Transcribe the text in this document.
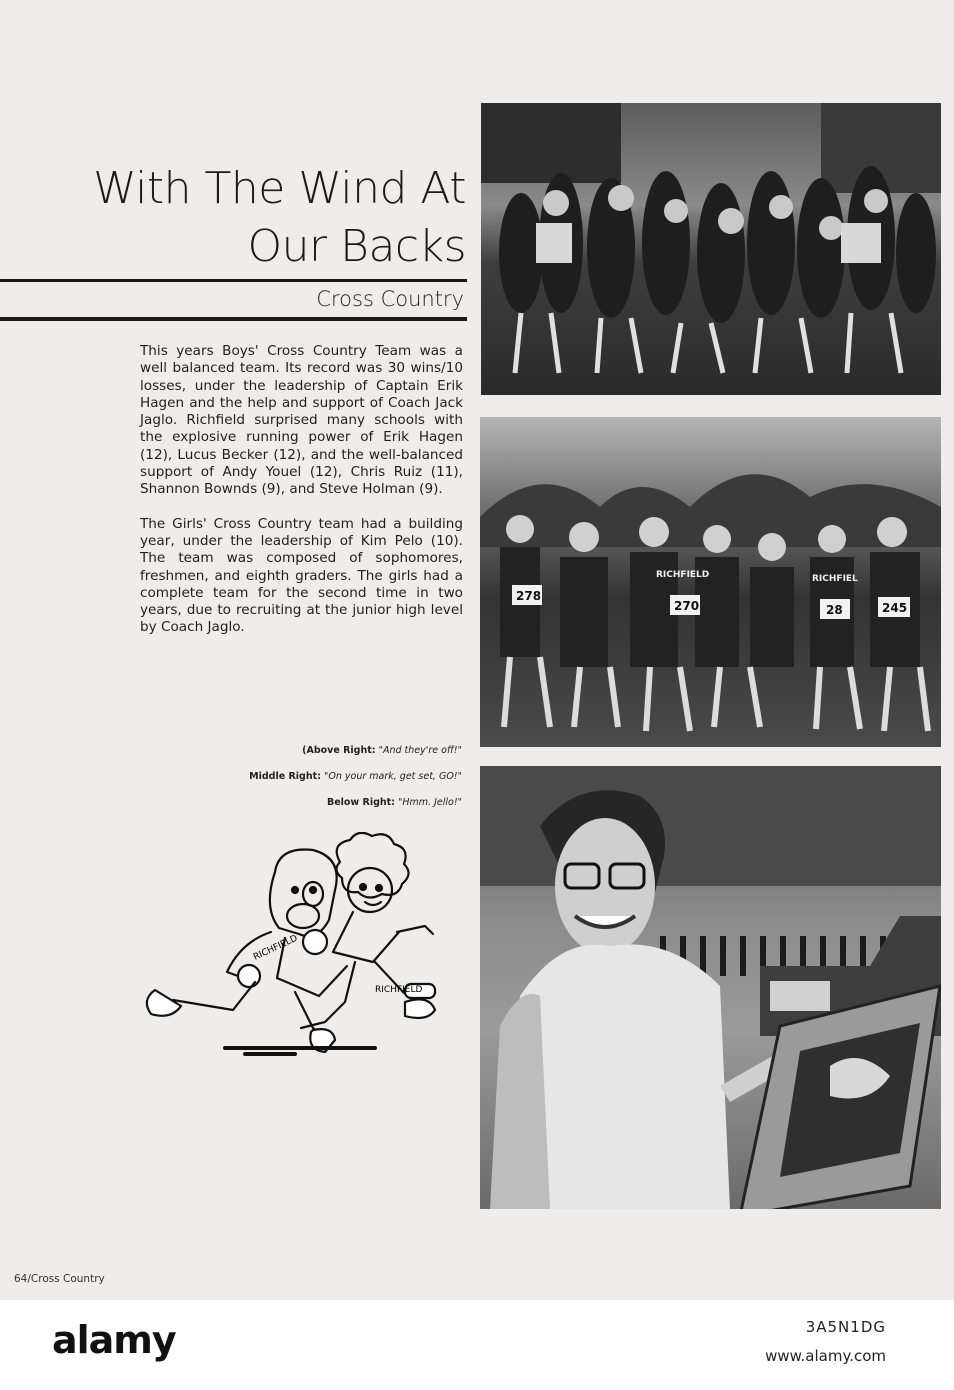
With The Wind At
Our Backs
Cross Country

This years Boys' Cross Country Team was a well balanced team. Its record was 30 wins/10 losses, under the leadership of Captain Erik Hagen and the help and support of Coach Jack Jaglo. Richfield surprised many schools with the explosive running power of Erik Hagen (12), Lucus Becker (12), and the well-balanced support of Andy Youel (12), Chris Ruiz (11), Shannon Bownds (9), and Steve Holman (9).

The Girls' Cross Country team had a building year, under the leadership of Kim Pelo (10). The team was composed of sophomores, freshmen, and eighth graders. The girls had a complete team for the second time in two years, due to recruiting at the junior high level by Coach Jaglo.

(Above Right: "And they're off!"
Middle Right: "On your mark, get set, GO!"
Below Right: "Hmm. Jello!"
RICHFIELD
RICHFIELD
278
270	28	245
RICHFIELD	RICHFIEL
64/Cross Country
alamy	3A5N1DG
www.alamy.com
